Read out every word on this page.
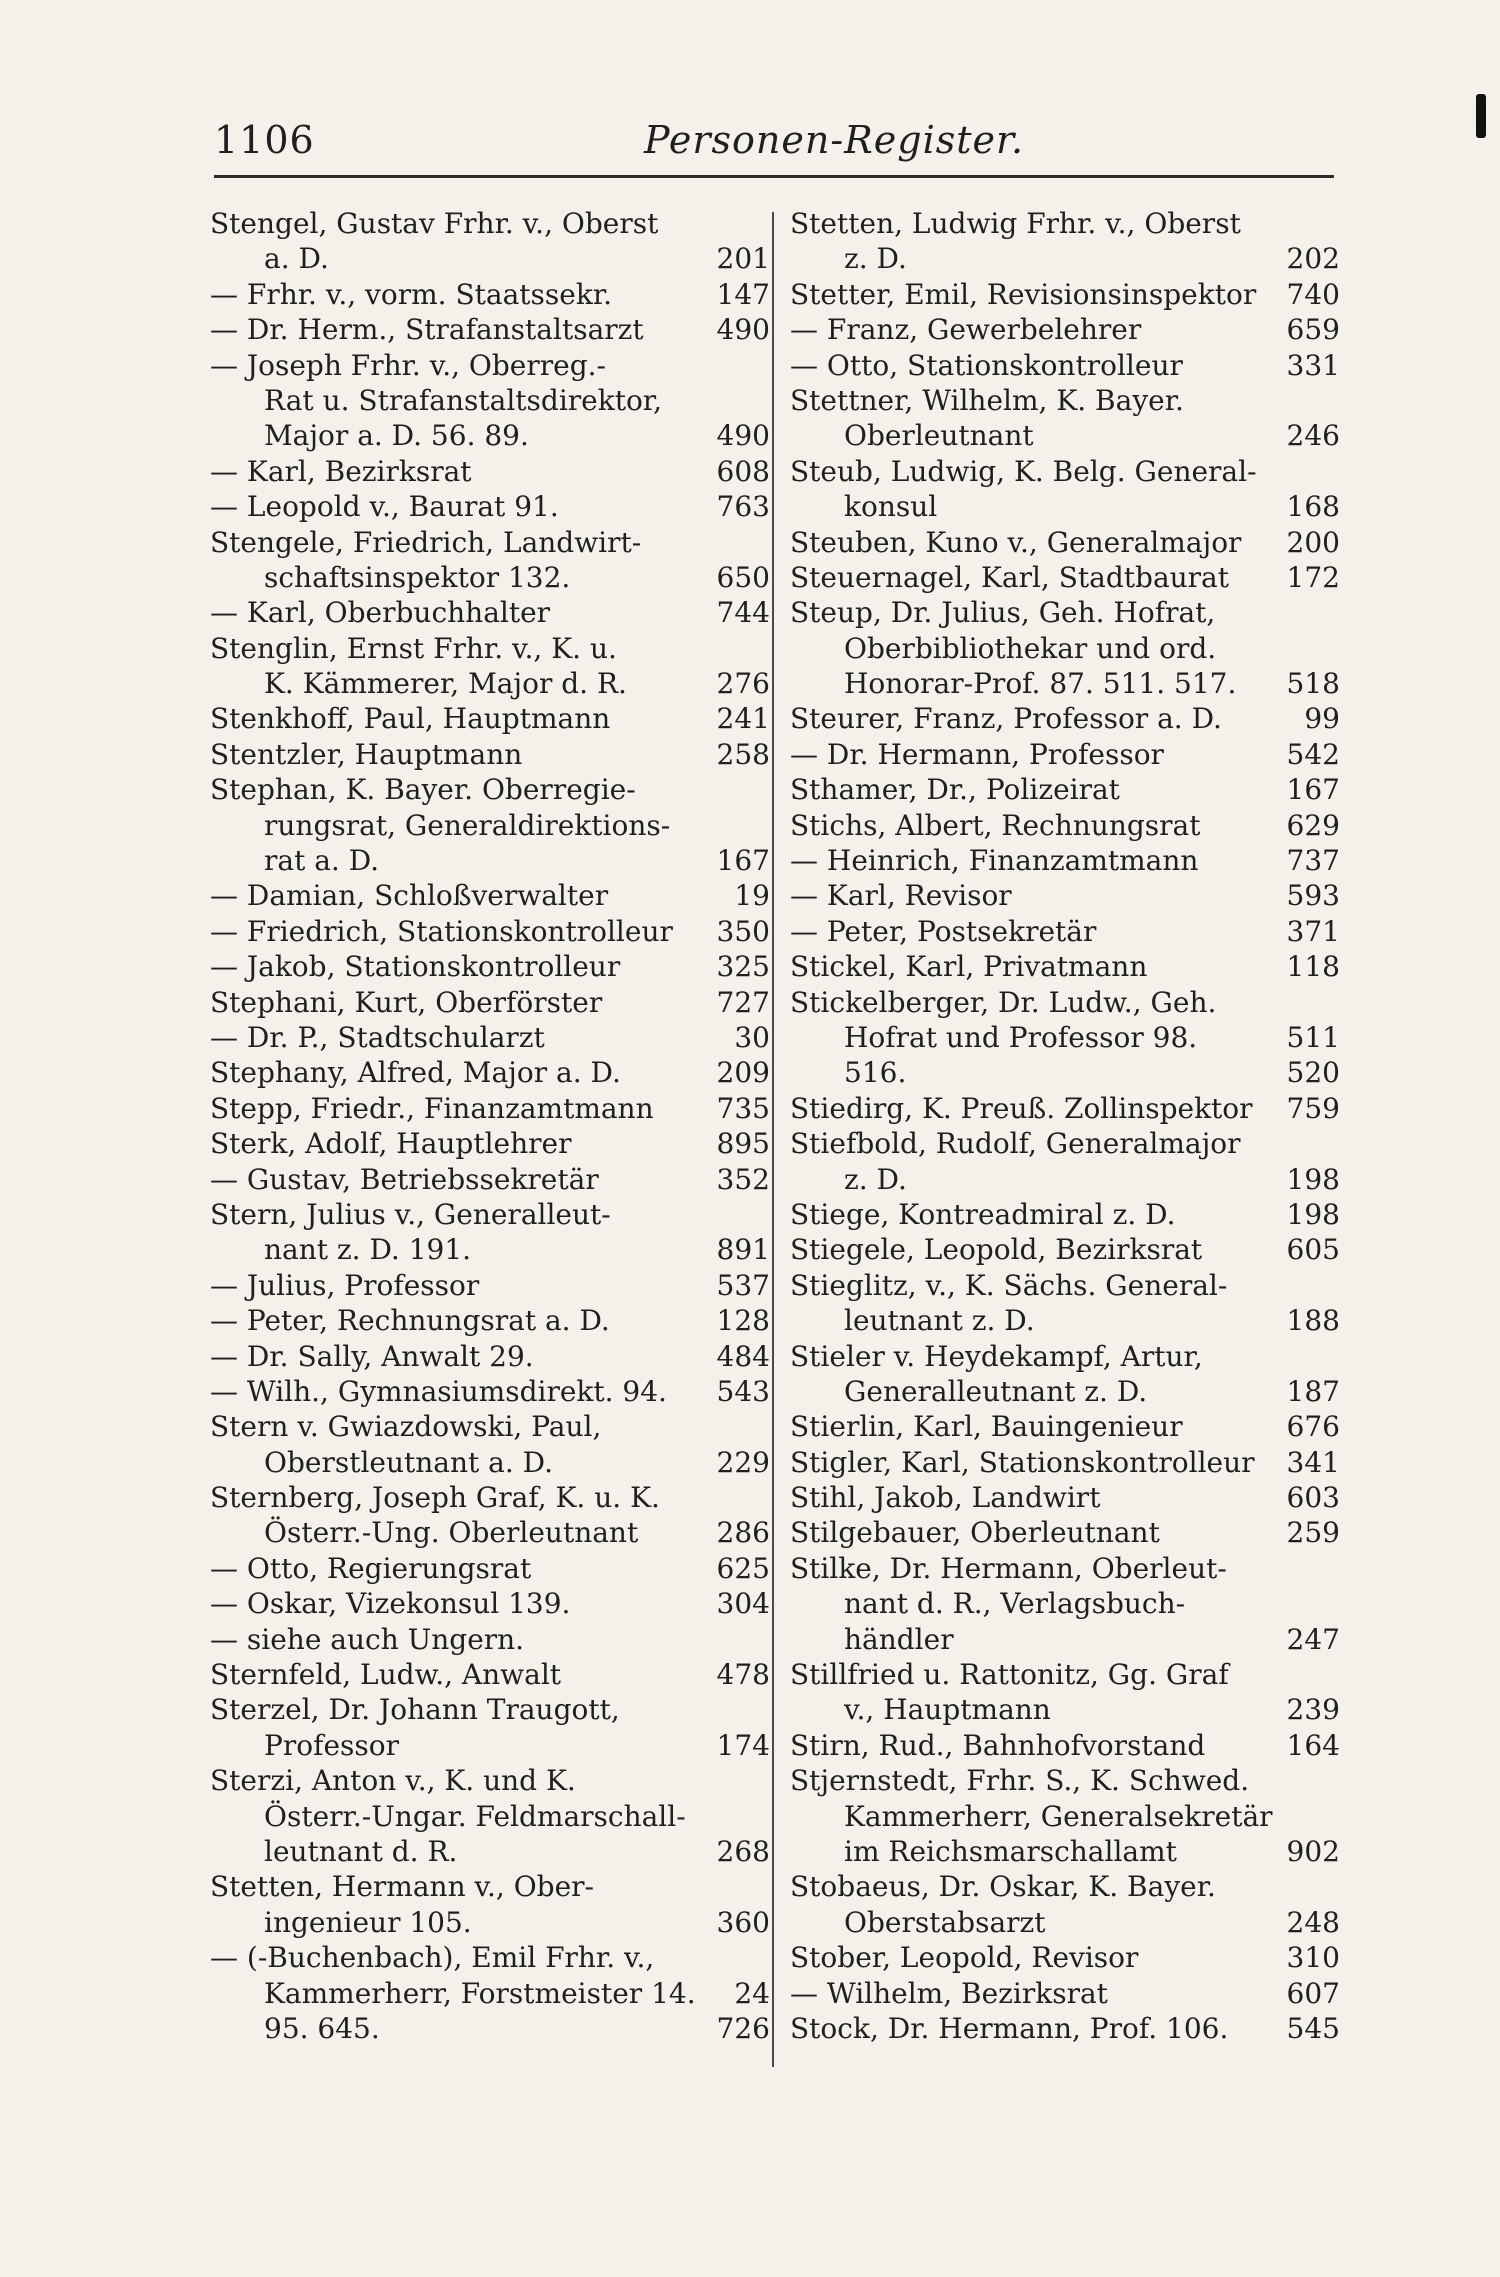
1106	Personen-Register.
Stengel, Gustav Frhr. v., Oberst
a. D.	201
— Frhr. v., vorm. Staatssekr.	147
— Dr. Herm., Strafanstaltsarzt	490
— Joseph Frhr. v., Oberreg.-
Rat u. Strafanstaltsdirektor,
Major a. D. 56. 89.	490
— Karl, Bezirksrat	608
— Leopold v., Baurat 91.	763
Stengele, Friedrich, Landwirt-
schaftsinspektor 132.	650
— Karl, Oberbuchhalter	744
Stenglin, Ernst Frhr. v., K. u.
K. Kämmerer, Major d. R.	276
Stenkhoff, Paul, Hauptmann	241
Stentzler, Hauptmann	258
Stephan, K. Bayer. Oberregie-
rungsrat, Generaldirektions-
rat a. D.	167
— Damian, Schloßverwalter	19
— Friedrich, Stationskontrolleur 350
— Jakob, Stationskontrolleur	325
Stephani, Kurt, Oberförster	727
— Dr. P., Stadtschularzt	30
Stephany, Alfred, Major a. D.	209
Stepp, Friedr., Finanzamtmann 735
Sterk, Adolf, Hauptlehrer	895
— Gustav, Betriebssekretär	352
Stern, Julius v., Generalleut-
nant z. D. 191.	891
— Julius, Professor	537
— Peter, Rechnungsrat a. D.	128
— Dr. Sally, Anwalt 29.	484
— Wilh., Gymnasiumsdirekt. 94. 543
Stern v. Gwiazdowski, Paul,
Oberstleutnant a. D.	229
Sternberg, Joseph Graf, K. u. K.
Österr.-Ung. Oberleutnant	286
— Otto, Regierungsrat	625
— Oskar, Vizekonsul 139.	304
— siehe auch Ungern.
Sternfeld, Ludw., Anwalt	478
Sterzel, Dr. Johann Traugott,
Professor	174
Sterzi, Anton v., K. und K.
Österr.-Ungar. Feldmarschall-
leutnant d. R.	268
Stetten, Hermann v., Ober-
ingenieur 105.	360
— (-Buchenbach), Emil Frhr. v.,
Kammerherr, Forstmeister 14. 24
95. 645.	726
Stetten, Ludwig Frhr. v., Oberst
z. D.	202
Stetter, Emil, Revisionsinspektor 740
— Franz, Gewerbelehrer	659
— Otto, Stationskontrolleur	331
Stettner, Wilhelm, K. Bayer.
Oberleutnant	246
Steub, Ludwig, K. Belg. General-
konsul	168
Steuben, Kuno v., Generalmajor 200
Steuernagel, Karl, Stadtbaurat 172
Steup, Dr. Julius, Geh. Hofrat,
Oberbibliothekar und ord.
Honorar-Prof. 87. 511. 517. 518
Steurer, Franz, Professor a. D.	99
— Dr. Hermann, Professor	542
Sthamer, Dr., Polizeirat	167
Stichs, Albert, Rechnungsrat	629
— Heinrich, Finanzamtmann	737
— Karl, Revisor	593
— Peter, Postsekretär	371
Stickel, Karl, Privatmann	118
Stickelberger, Dr. Ludw., Geh.
Hofrat und Professor 98.	511
516.	520
Stiedirg, K. Preuß. Zollinspektor 759
Stiefbold, Rudolf, Generalmajor
z. D.	198
Stiege, Kontreadmiral z. D.	198
Stiegele, Leopold, Bezirksrat	605
Stieglitz, v., K. Sächs. General-
leutnant z. D.	188
Stieler v. Heydekampf, Artur,
Generalleutnant z. D.	187
Stierlin, Karl, Bauingenieur	676
Stigler, Karl, Stationskontrolleur 341
Stihl, Jakob, Landwirt	603
Stilgebauer, Oberleutnant	259
Stilke, Dr. Hermann, Oberleut-
nant d. R., Verlagsbuch-
händler	247
Stillfried u. Rattonitz, Gg. Graf
v., Hauptmann	239
Stirn, Rud., Bahnhofvorstand	164
Stjernstedt, Frhr. S., K. Schwed.
Kammerherr, Generalsekretär
im Reichsmarschallamt	902
Stobaeus, Dr. Oskar, K. Bayer.
Oberstabsarzt	248
Stober, Leopold, Revisor	310
— Wilhelm, Bezirksrat	607
Stock, Dr. Hermann, Prof. 106. 545
